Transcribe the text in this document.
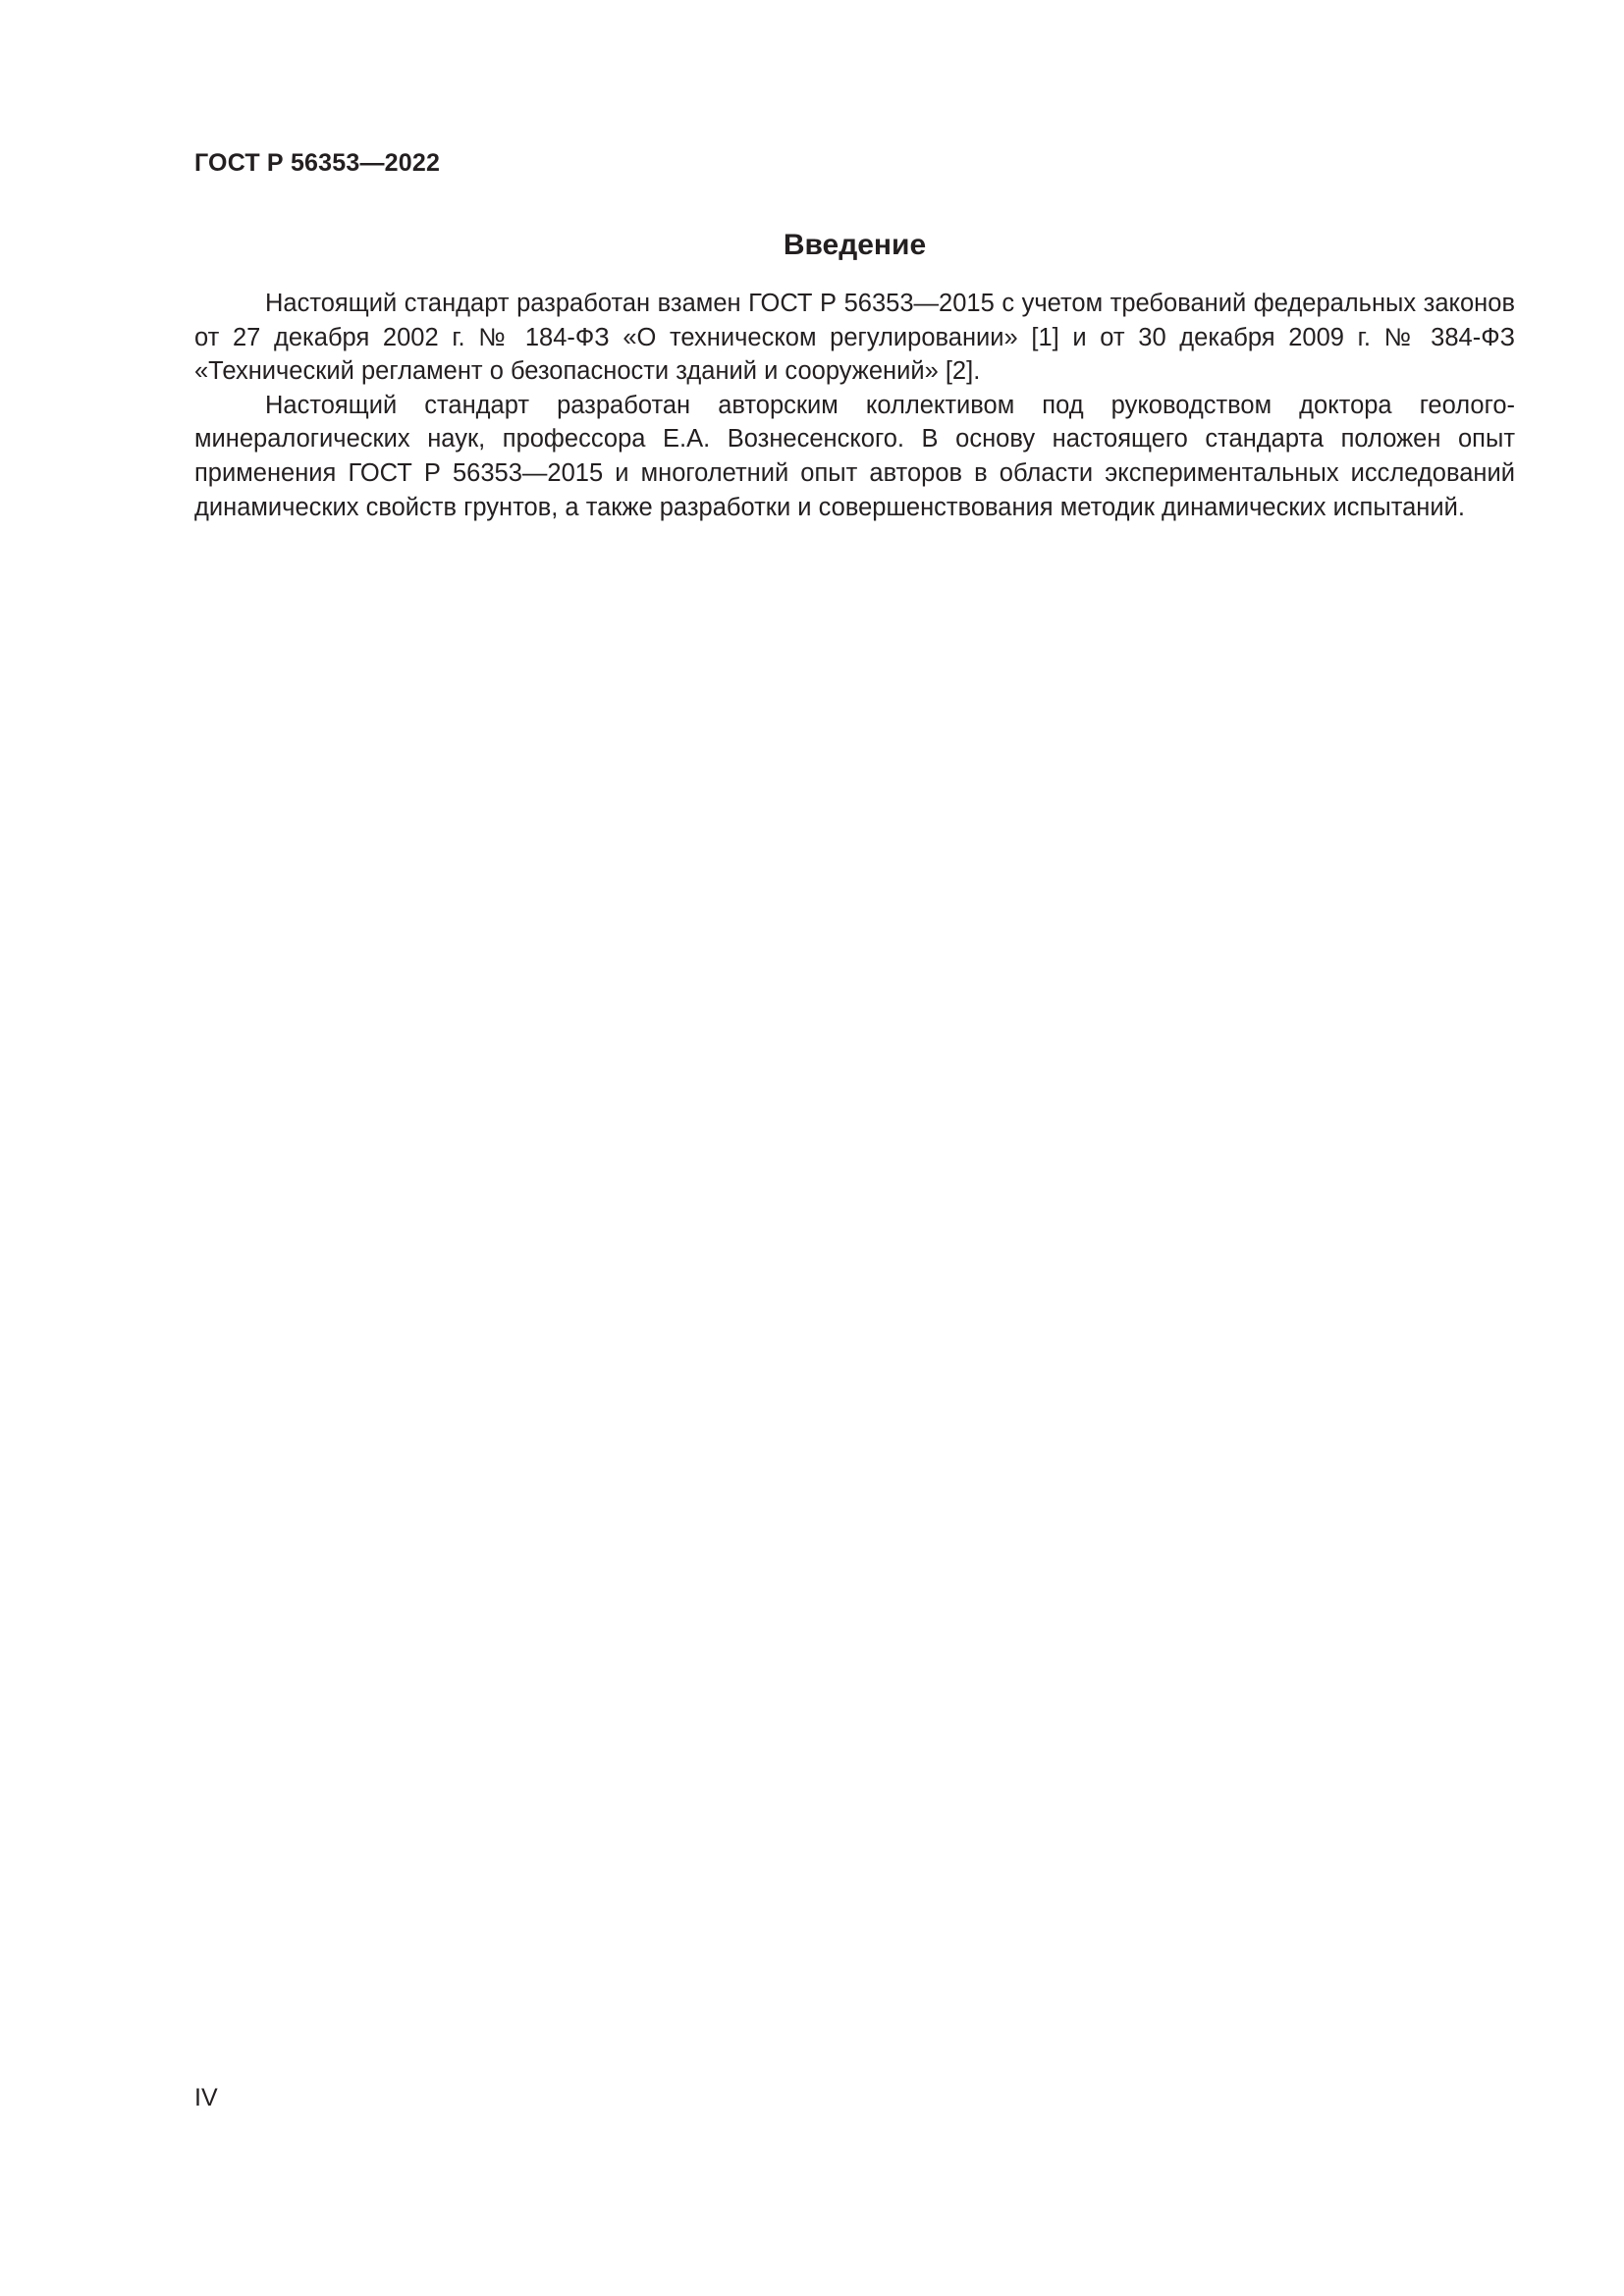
ГОСТ Р 56353—2022
Введение

Настоящий стандарт разработан взамен ГОСТ Р 56353—2015 с учетом требований федеральных законов от 27 декабря 2002 г. № 184-ФЗ «О техническом регулировании» [1] и от 30 декабря 2009 г. № 384-ФЗ «Технический регламент о безопасности зданий и сооружений» [2].

Настоящий стандарт разработан авторским коллективом под руководством доктора геолого-минералогических наук, профессора Е.А. Вознесенского. В основу настоящего стандарта положен опыт применения ГОСТ Р 56353—2015 и многолетний опыт авторов в области экспериментальных исследований динамических свойств грунтов, а также разработки и совершенствования методик динамических испытаний.

IV
